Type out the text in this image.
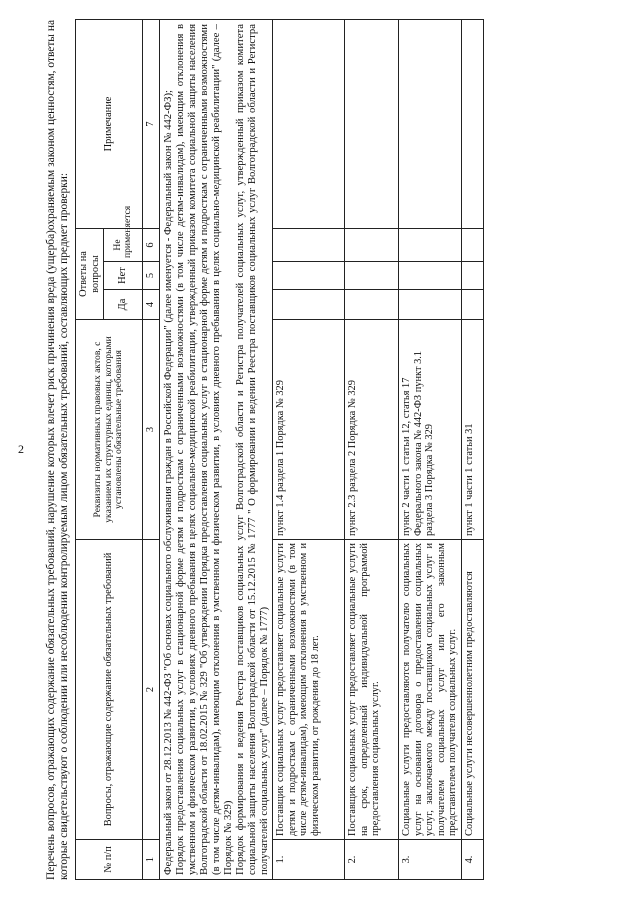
2 Перечень вопросов, отражающих содержание обязательных требований, нарушение которых влечет риск причинения вреда (ущерба)охраняемым законом ценностям, ответы на которые свидетельствуют о соблюдении или несоблюдении контролируемым лицом обязательных требований, составляющих предмет проверки:	№ п/п	Вопросы, отражающие содержание обязательных требований	Реквизиты нормативных правовых актов, с указанием их структурных единиц, которыми установлены обязательные требования	Ответы на вопросы			Примечание
			Да	Нет	Не применяется	
1	2	3	4	5	6	7

Федеральный закон от 28.12.2013 № 442-ФЗ "Об основах социального обслуживания граждан в Российской Федерации" (далее именуется - Федеральный закон № 442-ФЗ); Порядок предоставления социальных услуг в стационарной форме детям и подросткам с ограниченными возможностями (в том числе детям-инвалидам), имеющим отклонения в умственном и физическом развитии, в условиях дневного пребывания в целях социально-медицинской реабилитации, утвержденный приказом комитета социальной защиты населения Волгоградской области от 18.02.2015 № 329 "Об утверждении Порядка предоставления социальных услуг в стационарной форме детям и подросткам с ограниченными возможностями (в том числе детям-инвалидам), имеющим отклонения в умственном и физическом развитии, в условиях дневного пребывания в целях социально-медицинской реабилитации" (далее – Порядок № 329) Порядок формирования и ведения Реестра поставщиков социальных услуг Волгоградской области и Регистра получателей социальных услуг, утвержденный приказом комитета социальной защиты населения Волгоградской области от 15.12.2015 № 1777 " О формировании и ведении Реестра поставщиков социальных услуг Волгоградской области и Регистра получателей социальных услуг" (далее – Порядок № 1777)						

1.	Поставщик социальных услуг предоставляет социальные услуги детям и подросткам с ограниченными возможностями (в том числе детям-инвалидам), имеющим отклонения в умственном и физическом развитии, от рождения до 18 лет.	пункт 1.4 раздела 1 Порядка № 329				
2.	Поставщик социальных услуг предоставляет социальные услуги на срок, определенный индивидуальной программой предоставления социальных услуг.	пункт 2.3 раздела 2 Порядка № 329				
3.	Социальные услуги предоставляются получателю социальных услуг на основании договора о предоставлении социальных услуг, заключаемого между поставщиком социальных услуг и получателем социальных услуг или его законным представителем получателя социальных услуг.	пункт 2 части 1 статьи 12, статья 17 Федерального закона № 442-ФЗ пункт 3.1 раздела 3 Порядка № 329				
4.	Социальные услуги несовершеннолетним предоставляются	пункт 1 части 1 статьи 31				
